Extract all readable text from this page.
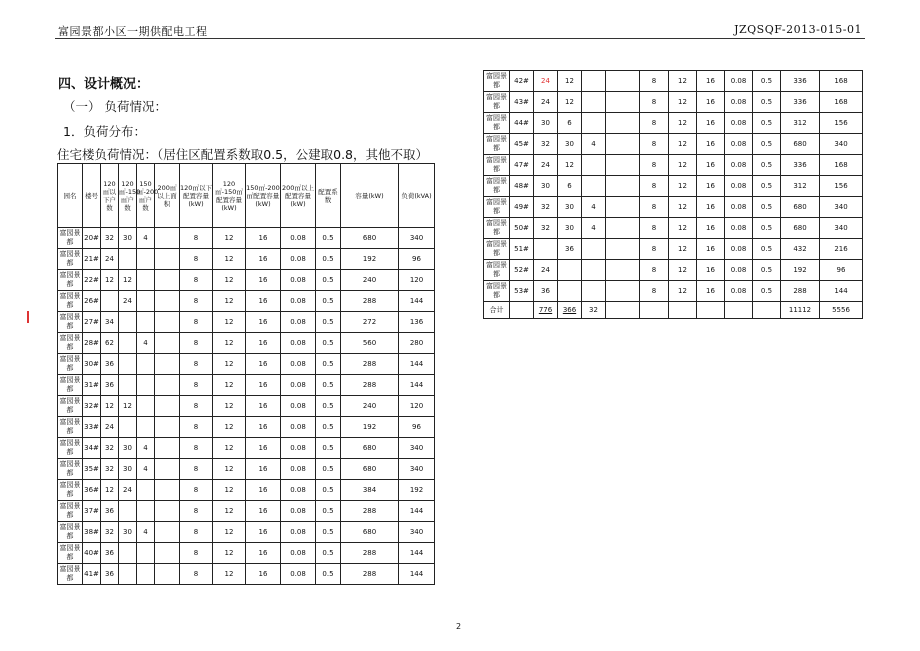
富园景都小区一期供配电工程	JZQSQF-2013-015-01
四、设计概况：
（一） 负荷情况：
1．负荷分布：
住宅楼负荷情况：（居住区配置系数取0.5，公建取0.8，其他不取）
园名	楼号	120㎡以下户数	120㎡-150㎡户数	150㎡-200㎡户数	200㎡以上面积	120㎡以下配置容量(kW)	120㎡-150㎡配置容量(kW)	150㎡-200㎡配置容量(kW)	200㎡以上配置容量(kW)	配置系数	容量(kW)	负荷(kVA)
富园景都	20#	32	30	4		8	12	16	0.08	0.5	680	340
富园景都	21#	24				8	12	16	0.08	0.5	192	96
富园景都	22#	12	12			8	12	16	0.08	0.5	240	120
富园景都	26#		24			8	12	16	0.08	0.5	288	144
富园景都	27#	34				8	12	16	0.08	0.5	272	136
富园景都	28#	62		4		8	12	16	0.08	0.5	560	280
富园景都	30#	36				8	12	16	0.08	0.5	288	144
富园景都	31#	36				8	12	16	0.08	0.5	288	144
富园景都	32#	12	12			8	12	16	0.08	0.5	240	120
富园景都	33#	24				8	12	16	0.08	0.5	192	96
富园景都	34#	32	30	4		8	12	16	0.08	0.5	680	340
富园景都	35#	32	30	4		8	12	16	0.08	0.5	680	340
富园景都	36#	12	24			8	12	16	0.08	0.5	384	192
富园景都	37#	36				8	12	16	0.08	0.5	288	144
富园景都	38#	32	30	4		8	12	16	0.08	0.5	680	340
富园景都	40#	36				8	12	16	0.08	0.5	288	144
富园景都	41#	36				8	12	16	0.08	0.5	288	144
富园景都	42#	24	12			8	12	16	0.08	0.5	336	168
富园景都	43#	24	12			8	12	16	0.08	0.5	336	168
富园景都	44#	30	6			8	12	16	0.08	0.5	312	156
富园景都	45#	32	30	4		8	12	16	0.08	0.5	680	340
富园景都	47#	24	12			8	12	16	0.08	0.5	336	168
富园景都	48#	30	6			8	12	16	0.08	0.5	312	156
富园景都	49#	32	30	4		8	12	16	0.08	0.5	680	340
富园景都	50#	32	30	4		8	12	16	0.08	0.5	680	340
富园景都	51#		36			8	12	16	0.08	0.5	432	216
富园景都	52#	24				8	12	16	0.08	0.5	192	96
富园景都	53#	36				8	12	16	0.08	0.5	288	144
合计		776	366	32							11112	5556
2
